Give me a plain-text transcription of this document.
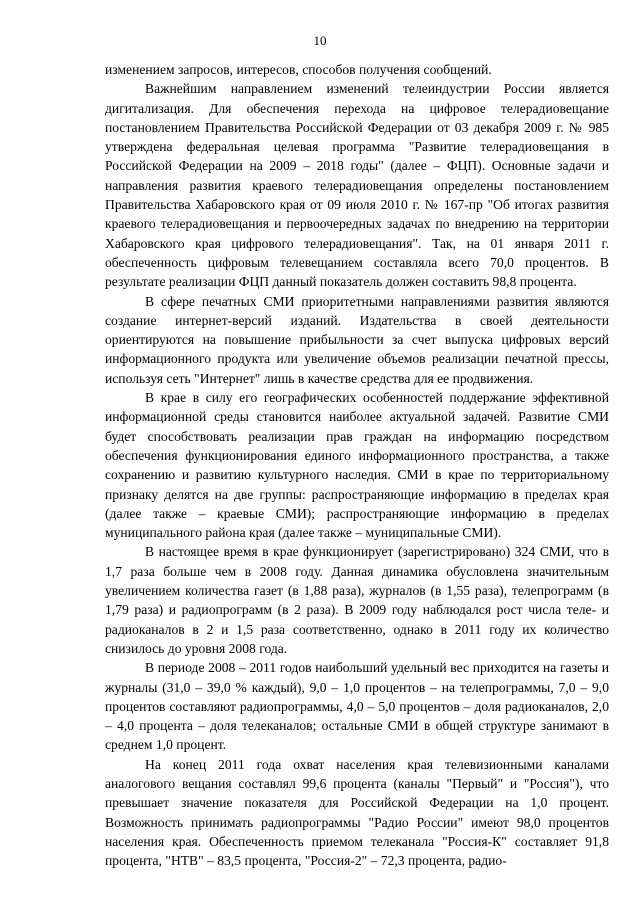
10

изменением запросов, интересов, способов получения сообщений.

Важнейшим направлением изменений телеиндустрии России является дигитализация. Для обеспечения перехода на цифровое телерадиовещание постановлением Правительства Российской Федерации от 03 декабря 2009 г. № 985 утверждена федеральная целевая программа "Развитие телерадиовещания в Российской Федерации на 2009 – 2018 годы" (далее – ФЦП). Основные задачи и направления развития краевого телерадиовещания определены постановлением Правительства Хабаровского края от 09 июля 2010 г. № 167-пр "Об итогах развития краевого телерадиовещания и первоочередных задачах по внедрению на территории Хабаровского края цифрового телерадиовещания". Так, на 01 января 2011 г. обеспеченность цифровым телевещанием составляла всего 70,0 процентов. В результате реализации ФЦП данный показатель должен составить 98,8 процента.

В сфере печатных СМИ приоритетными направлениями развития являются создание интернет-версий изданий. Издательства в своей деятельности ориентируются на повышение прибыльности за счет выпуска цифровых версий информационного продукта или увеличение объемов реализации печатной прессы, используя сеть "Интернет" лишь в качестве средства для ее продвижения.

В крае в силу его географических особенностей поддержание эффективной информационной среды становится наиболее актуальной задачей. Развитие СМИ будет способствовать реализации прав граждан на информацию посредством обеспечения функционирования единого информационного пространства, а также сохранению и развитию культурного наследия. СМИ в крае по территориальному признаку делятся на две группы: распространяющие информацию в пределах края (далее также – краевые СМИ); распространяющие информацию в пределах муниципального района края (далее также – муниципальные СМИ).

В настоящее время в крае функционирует (зарегистрировано) 324 СМИ, что в 1,7 раза больше чем в 2008 году. Данная динамика обусловлена значительным увеличением количества газет (в 1,88 раза), журналов (в 1,55 раза), телепрограмм (в 1,79 раза) и радиопрограмм (в 2 раза). В 2009 году наблюдался рост числа теле- и радиоканалов в 2 и 1,5 раза соответственно, однако в 2011 году их количество снизилось до уровня 2008 года.

В периоде 2008 – 2011 годов наибольший удельный вес приходится на газеты и журналы (31,0 – 39,0 % каждый), 9,0 – 1,0 процентов – на телепрограммы, 7,0 – 9,0 процентов составляют радиопрограммы, 4,0 – 5,0 процентов – доля радиоканалов, 2,0 – 4,0 процента – доля телеканалов; остальные СМИ в общей структуре занимают в среднем 1,0 процент.

На конец 2011 года охват населения края телевизионными каналами аналогового вещания составлял 99,6 процента (каналы "Первый" и "Россия"), что превышает значение показателя для Российской Федерации на 1,0 процент. Возможность принимать радиопрограммы "Радио России" имеют 98,0 процентов населения края. Обеспеченность приемом телеканала "Россия-К" составляет 91,8 процента, "НТВ" – 83,5 процента, "Россия-2" – 72,3 процента, радио-
